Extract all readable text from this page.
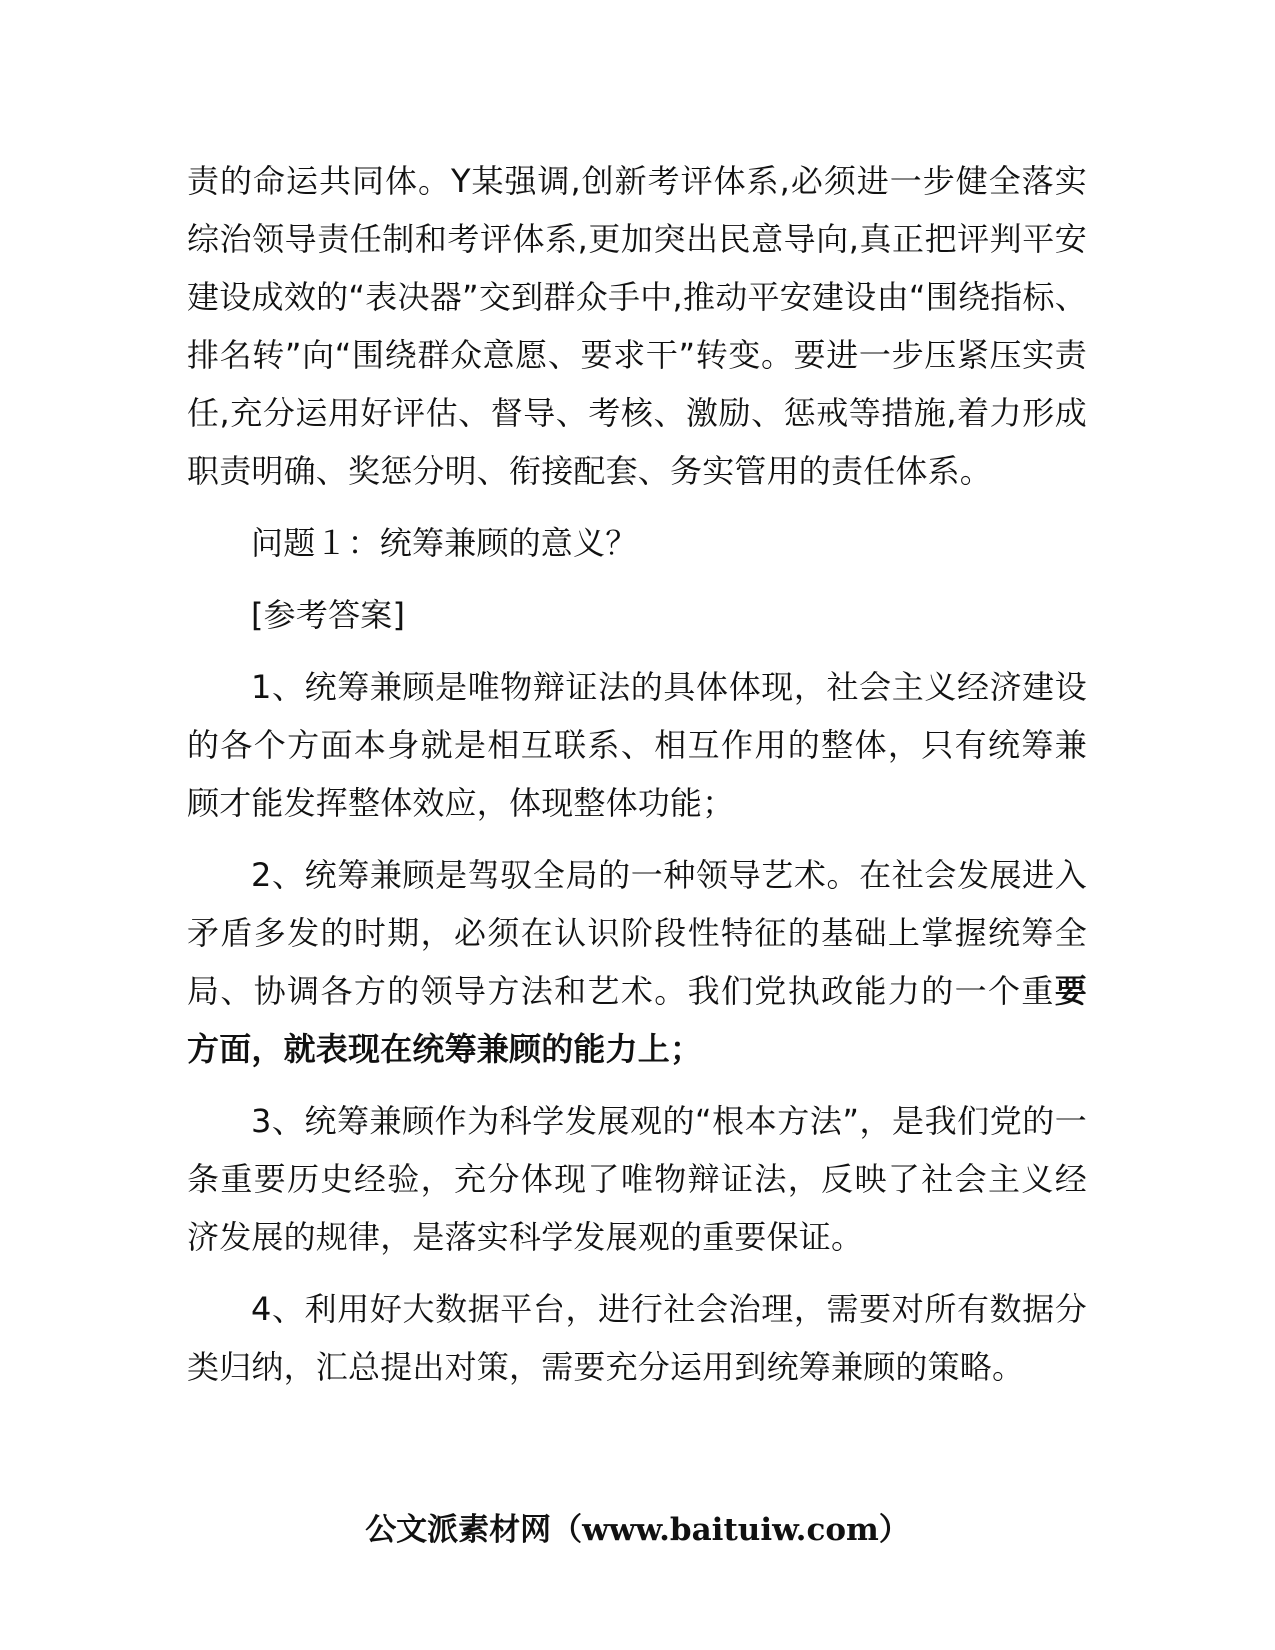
责的命运共同体。Y某强调,创新考评体系,必须进一步健全落实综治领导责任制和考评体系,更加突出民意导向,真正把评判平安建设成效的“表决器”交到群众手中,推动平安建设由“围绕指标、排名转”向“围绕群众意愿、要求干”转变。要进一步压紧压实责任,充分运用好评估、督导、考核、激励、惩戒等措施,着力形成职责明确、奖惩分明、衔接配套、务实管用的责任体系。

问题１：统筹兼顾的意义？

[参考答案]

1、统筹兼顾是唯物辩证法的具体体现，社会主义经济建设的各个方面本身就是相互联系、相互作用的整体，只有统筹兼顾才能发挥整体效应，体现整体功能；

2、统筹兼顾是驾驭全局的一种领导艺术。在社会发展进入矛盾多发的时期，必须在认识阶段性特征的基础上掌握统筹全局、协调各方的领导方法和艺术。我们党执政能力的一个重要方面，就表现在统筹兼顾的能力上；

3、统筹兼顾作为科学发展观的“根本方法”，是我们党的一条重要历史经验，充分体现了唯物辩证法，反映了社会主义经济发展的规律，是落实科学发展观的重要保证。

4、利用好大数据平台，进行社会治理，需要对所有数据分类归纳，汇总提出对策，需要充分运用到统筹兼顾的策略。

公文派素材网（www.baituiw.com）
